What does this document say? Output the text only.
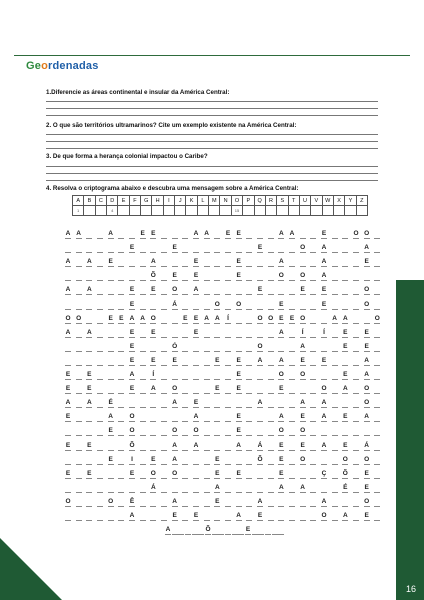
Ge o rdenadas
1.Diferencie as áreas continental e insular da América Central:
2. O que são territórios ultramarinos? Cite um exemplo existente na América Central:
3. De que forma a herança colonial impactou o Caribe?
4. Resolva o criptograma abaixo e descubra uma mensagem sobre a América Central:
A	B	C	D	E	F	G	H	I	J	K	L	M	N	O	P	Q	R	S	T	U	V	W	X	Y	Z
1			4											15											
A A	A	E E	A A	E E	A A	E	O O
E	E	E	O	A	A
A	A	E	A	E	E	A	A	E
Õ	E	E	E	O	O	A
A	A	E	E	O	A	E	E	E	O
E	Á	O	O	E	E	O
O O	E E A A O	E E A A	Í	O O E E O	A A	O
A	A	E	E	E	A	Í	Í	E	E
E	Ó	O	A	E	E
E	E	E	E	E	A	A	E	E	A
E	E	A	Í	E	O	O	E	A
E	E	E	A	O	E	E	E	O	A	O
A	A	É	A	E	A	A	A	O
E	A	O	A	E	A	E	A	E	A
E	O	O	O	E	O	O
E	E	Õ	A	A	A	Á	E	E	A	E	Á
E	I	E	A	E	Õ	E	O	O	O
E	E	E	O	O	E	E	E	Ç	Õ	E
Á	A	A	A	É	E
O	O	Ê	A	E	A	A	O
A	E	E	A	E	O	A	E
A	Õ	E
16
